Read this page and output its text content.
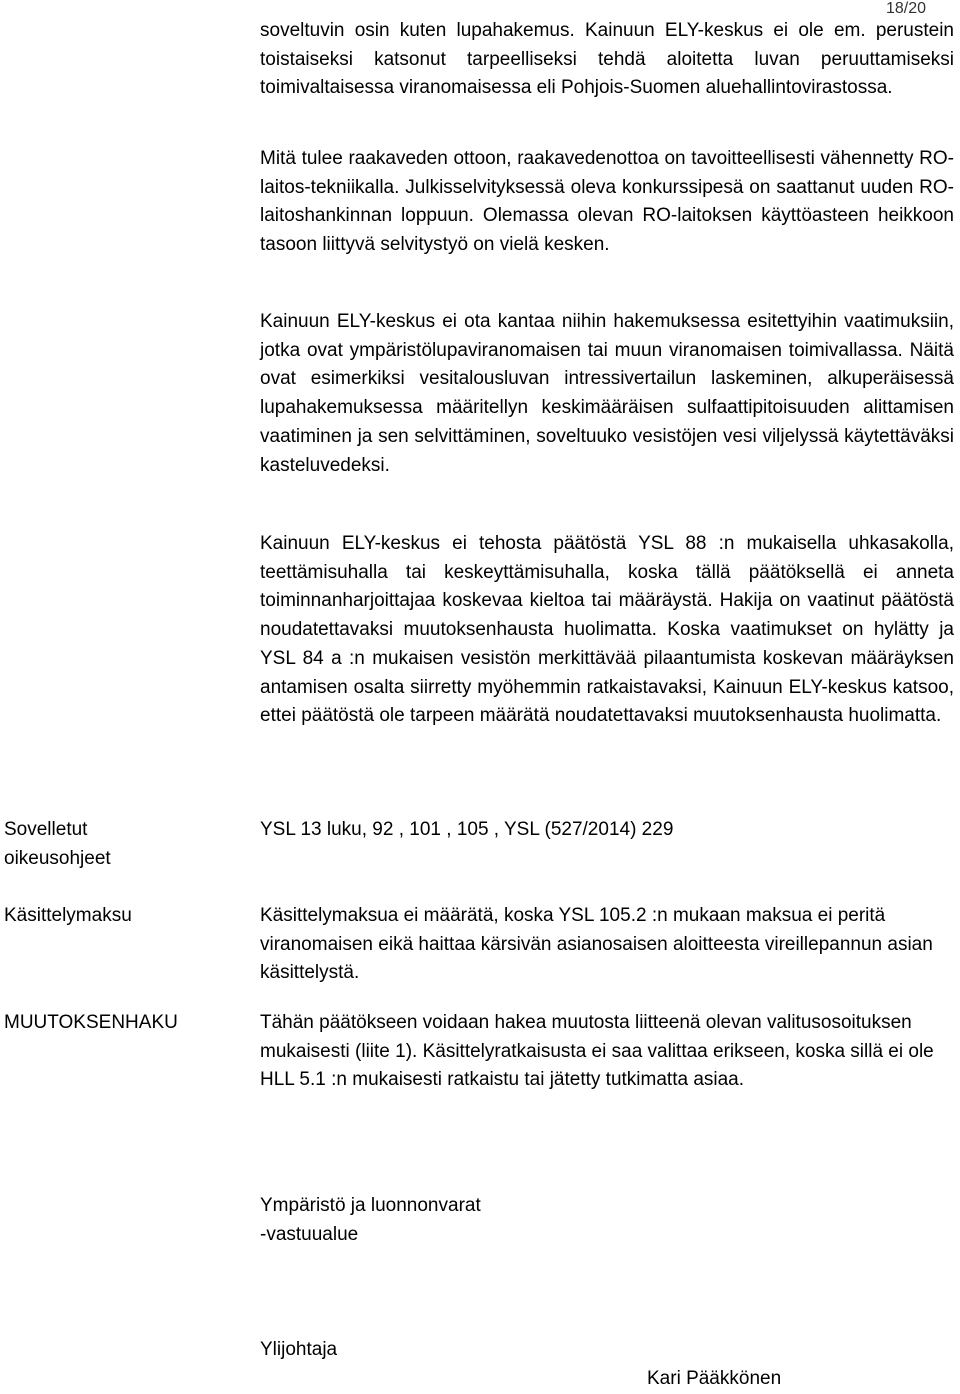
18/20

soveltuvin osin kuten lupahakemus. Kainuun ELY-keskus ei ole em. perustein toistaiseksi katsonut tarpeelliseksi tehdä aloitetta luvan peruuttamiseksi toimivaltaisessa viranomaisessa eli Pohjois-Suomen aluehallintovirastossa.

Mitä tulee raakaveden ottoon, raakavedenottoa on tavoitteellisesti vähennetty RO-laitos-tekniikalla. Julkisselvityksessä oleva konkurssipesä on saattanut uuden RO-laitoshankinnan loppuun. Olemassa olevan RO-laitoksen käyttöasteen heikkoon tasoon liittyvä selvitystyö on vielä kesken.

Kainuun ELY-keskus ei ota kantaa niihin hakemuksessa esitettyihin vaatimuksiin, jotka ovat ympäristölupaviranomaisen tai muun viranomaisen toimivallassa. Näitä ovat esimerkiksi vesitalousluvan intressivertailun laskeminen, alkuperäisessä lupahakemuksessa määritellyn keskimääräisen sulfaattipitoisuuden alittamisen vaatiminen ja sen selvittäminen, soveltuuko vesistöjen vesi viljelyssä käytettäväksi kasteluvedeksi.

Kainuun ELY-keskus ei tehosta päätöstä YSL 88 :n mukaisella uhkasakolla, teettämisuhalla tai keskeyttämisuhalla, koska tällä päätöksellä ei anneta toiminnanharjoittajaa koskevaa kieltoa tai määräystä. Hakija on vaatinut päätöstä noudatettavaksi muutoksenhausta huolimatta. Koska vaatimukset on hylätty ja YSL 84 a :n mukaisen vesistön merkittävää pilaantumista koskevan määräyksen antamisen osalta siirretty myöhemmin ratkaistavaksi, Kainuun ELY-keskus katsoo, ettei päätöstä ole tarpeen määrätä noudatettavaksi muutoksenhausta huolimatta.

Sovelletut oikeusohjeet

YSL 13 luku, 92 , 101 , 105 , YSL (527/2014) 229

Käsittelymaksu	Käsittelymaksua ei määrätä, koska YSL 105.2 :n mukaan maksua ei peritä viranomaisen eikä haittaa kärsivän asianosaisen aloitteesta vireillepannun asian käsittelystä.

MUUTOKSENHAKU	Tähän päätökseen voidaan hakea muutosta liitteenä olevan valitusosoituksen mukaisesti (liite 1). Käsittelyratkaisusta ei saa valittaa erikseen, koska sillä ei ole HLL 5.1 :n mukaisesti ratkaistu tai jätetty tutkimatta asiaa.

Ympäristö ja luonnonvarat

-vastuualue

Ylijohtaja

Kari Pääkkönen
